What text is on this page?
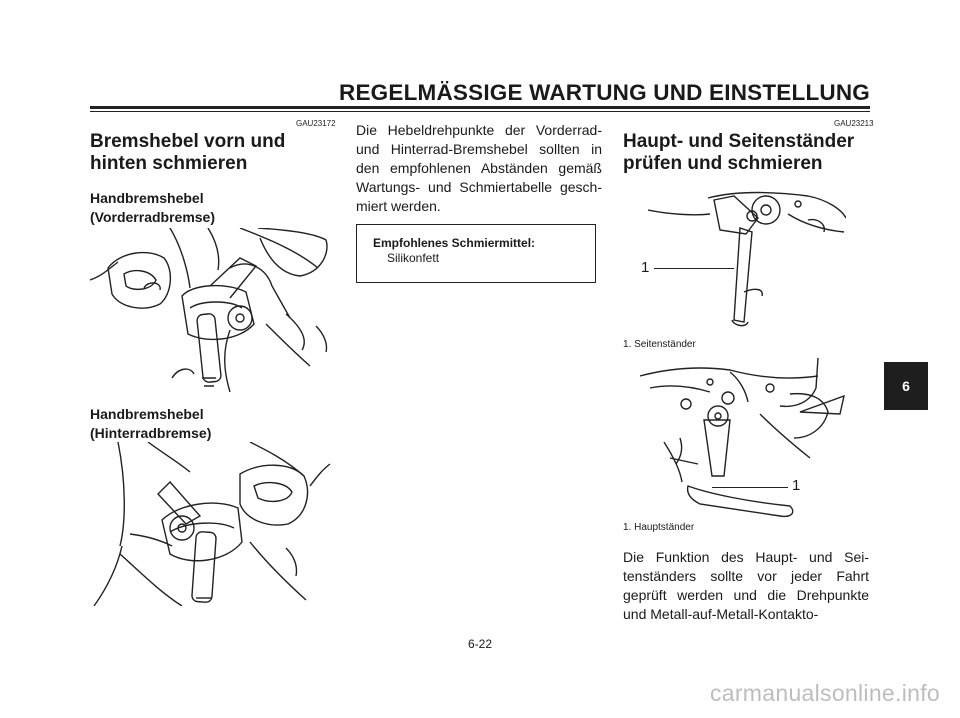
REGELMÄSSIGE WARTUNG UND EINSTELLUNG
GAU23172
Bremshebel vorn und hinten schmieren
Handbremshebel (Vorderradbremse)
Handbremshebel (Hinterradbremse)
Die Hebeldrehpunkte der Vorderrad- und Hinterrad-Bremshebel sollten in den empfohlenen Abständen gemäß Wartungs- und Schmiertabelle gesch- miert werden.
Empfohlenes Schmiermittel:
Silikonfett
GAU23213
Haupt- und Seitenständer prüfen und schmieren
1
1. Seitenständer
1
1. Hauptständer
Die Funktion des Haupt- und Sei- tenständers sollte vor jeder Fahrt geprüft werden und die Drehpunkte und Metall-auf-Metall-Kontakto-
6
6-22
carmanualsonline.info
